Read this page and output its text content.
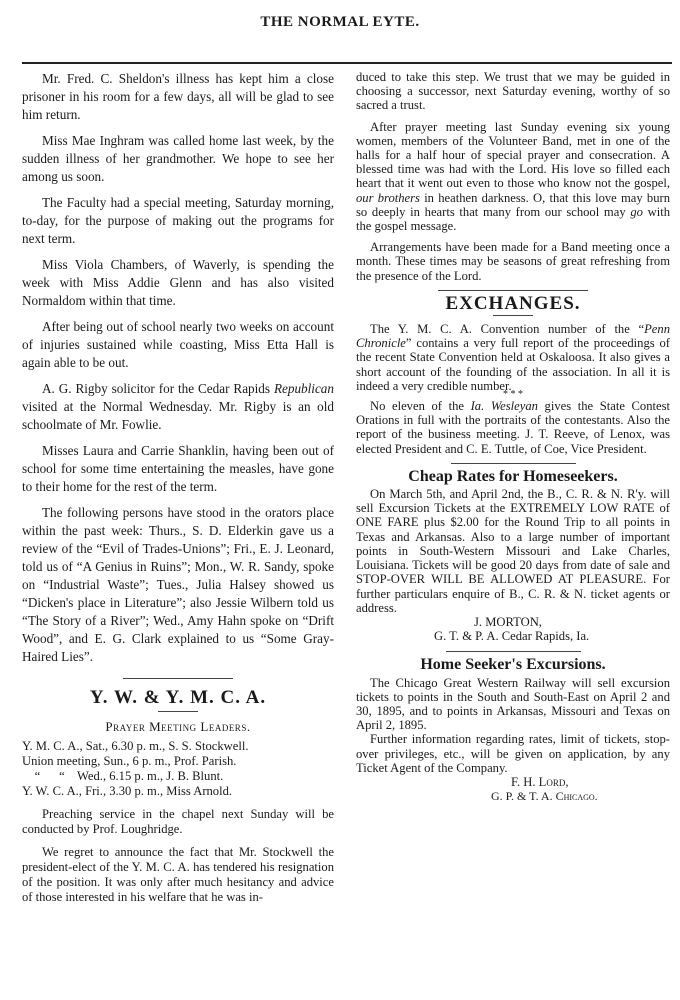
THE NORMAL EYTE.

Mr. Fred. C. Sheldon's illness has kept him a close prisoner in his room for a few days, all will be glad to see him return.

Miss Mae Inghram was called home last week, by the sudden illness of her grandmother. We hope to see her among us soon.

The Faculty had a special meeting, Saturday morning, to-day, for the purpose of making out the programs for next term.

Miss Viola Chambers, of Waverly, is spending the week with Miss Addie Glenn and has also visited Normaldom within that time.

After being out of school nearly two weeks on account of injuries sustained while coasting, Miss Etta Hall is again able to be out.

A. G. Rigby solicitor for the Cedar Rapids Republican visited at the Normal Wednesday. Mr. Rigby is an old schoolmate of Mr. Fowlie.

Misses Laura and Carrie Shanklin, having been out of school for some time entertaining the measles, have gone to their home for the rest of the term.

The following persons have stood in the orators place within the past week: Thurs., S. D. Elderkin gave us a review of the “Evil of Trades-Unions”; Fri., E. J. Leonard, told us of “A Genius in Ruins”; Mon., W. R. Sandy, spoke on “Industrial Waste”; Tues., Julia Halsey showed us “Dicken's place in Literature”; also Jessie Wilbern told us “The Story of a River”; Wed., Amy Hahn spoke on “Drift Wood”, and E. G. Clark explained to us “Some Gray-Haired Lies”.

Y. W. & Y. M. C. A.
Prayer Meeting Leaders.
Y. M. C. A., Sat., 6.30 p. m., S. S. Stockwell.
Union meeting, Sun., 6 p. m., Prof. Parish.
“      “    Wed., 6.15 p. m., J. B. Blunt.
Y. W. C. A., Fri., 3.30 p. m., Miss Arnold.

Preaching service in the chapel next Sunday will be conducted by Prof. Loughridge.

We regret to announce the fact that Mr. Stockwell the president-elect of the Y. M. C. A. has tendered his resignation of the position. It was only after much hesitancy and advice of those interested in his welfare that he was in-

duced to take this step. We trust that we may be guided in choosing a successor, next Saturday evening, worthy of so sacred a trust.

After prayer meeting last Sunday evening six young women, members of the Volunteer Band, met in one of the halls for a half hour of special prayer and consecration. A blessed time was had with the Lord. His love so filled each heart that it went out even to those who know not the gospel, our brothers in heathen darkness. O, that this love may burn so deeply in hearts that many from our school may go with the gospel message.

Arrangements have been made for a Band meeting once a month. These times may be seasons of great refreshing from the presence of the Lord.

EXCHANGES.

The Y. M. C. A. Convention number of the “Penn Chronicle” contains a very full report of the proceedings of the recent State Convention held at Oskaloosa. It also gives a short account of the founding of the association. In all it is indeed a very credible number.

* * *

No eleven of the Ia. Wesleyan gives the State Contest Orations in full with the portraits of the contestants. Also the report of the business meeting. J. T. Reeve, of Lenox, was elected President and C. E. Tuttle, of Coe, Vice President.

Cheap Rates for Homeseekers.

On March 5th, and April 2nd, the B., C. R. & N. R'y. will sell Excursion Tickets at the EXTREMELY LOW RATE of ONE FARE plus $2.00 for the Round Trip to all points in Texas and Arkansas. Also to a large number of important points in South-Western Missouri and Lake Charles, Louisiana. Tickets will be good 20 days from date of sale and STOP-OVER WILL BE ALLOWED AT PLEASURE. For further particulars enquire of B., C. R. & N. ticket agents or address.

J. MORTON,
G. T. & P. A. Cedar Rapids, Ia.
Home Seeker's Excursions.

The Chicago Great Western Railway will sell excursion tickets to points in the South and South-East on April 2 and 30, 1895, and to points in Arkansas, Missouri and Texas on April 2, 1895.

Further information regarding rates, limit of tickets, stop-over privileges, etc., will be given on application, by any Ticket Agent of the Company.

F. H. Lord,
G. P. & T. A. Chicago.
